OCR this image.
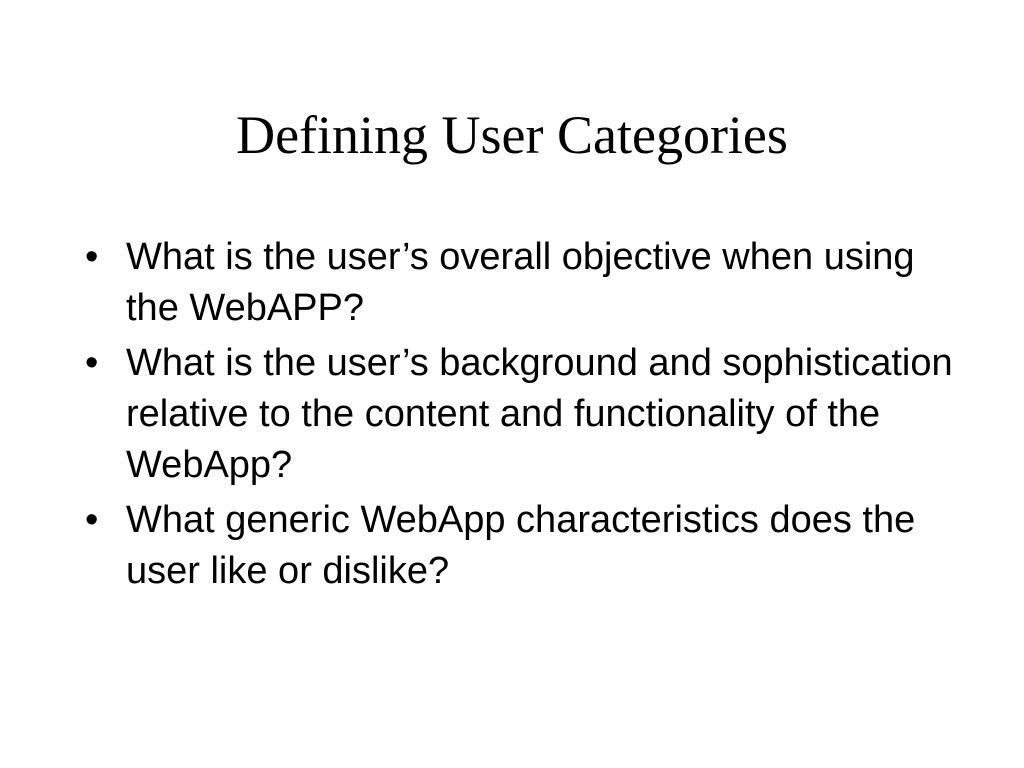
Defining User Categories
• What is the user’s overall objective when using the WebAPP?
• What is the user’s background and sophistication relative to the content and functionality of the WebApp?
• What generic WebApp characteristics does the user like or dislike?
